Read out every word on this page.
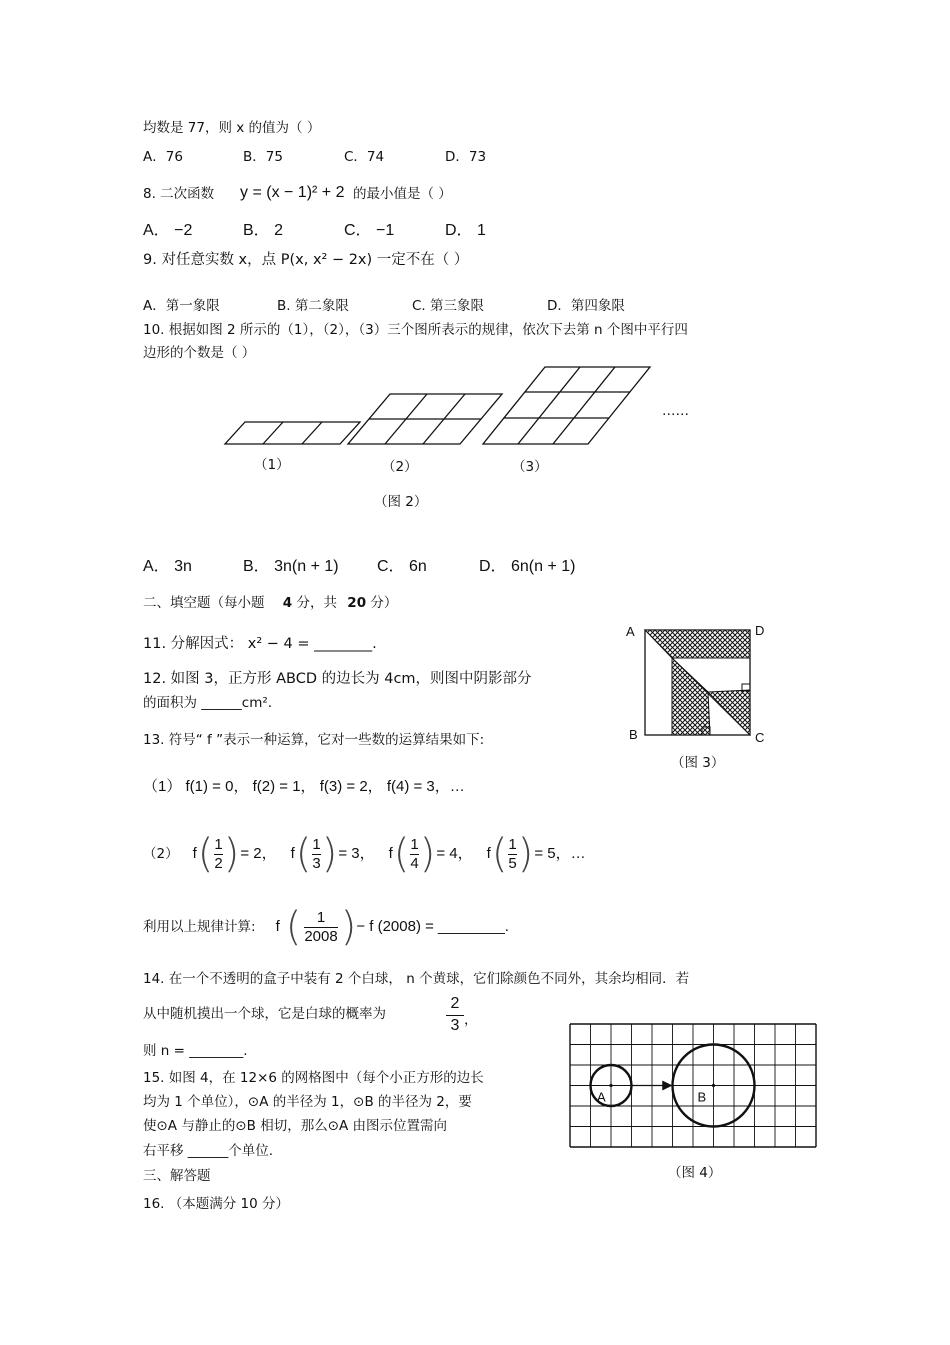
均数是 77，则 x 的值为（ ）
A．76	B．75	C．74	D．73
8. 二次函数 y = (x − 1)² + 2 的最小值是（ ）
A． −2	B． 2	C． −1	D． 1
9. 对任意实数 x，点 P(x, x² − 2x) 一定不在（ ）
A．第一象限	B. 第二象限	C. 第三象限	D．第四象限
10. 根据如图 2 所示的（1），（2），（3）三个图所表示的规律，依次下去第 n 个图中平行四
边形的个数是（ ）
……
（1）	（2）	（3）
（图 2）
A． 3n	B． 3n(n + 1) C． 6n	D． 6n(n + 1)
二、填空题（每小题 4 分，共 20 分）
11. 分解因式： x² − 4 = ________.
A	D
B	C
（图 3）
12. 如图 3，正方形 ABCD 的边长为 4cm，则图中阴影部分
的面积为 ______cm².
13. 符号“ f ”表示一种运算，它对一些数的运算结果如下:
（1） f(1) = 0， f(2) = 1， f(3) = 2， f(4) = 3，…
（2） f ( $\frac{1}{2}$ ) = 2， f ( $\frac{1}{3}$ ) = 3， f ( $\frac{1}{4}$ ) = 4， f ( $\frac{1}{5}$ ) = 5，…
利用以上规律计算: f ( $\frac{1}{2008}$ ) − f (2008) = ________.
14. 在一个不透明的盒子中装有 2 个白球， n 个黄球，它们除颜色不同外，其余均相同．若
从中随机摸出一个球，它是白球的概率为
2
3 ，
则 n = ________.
15. 如图 4，在 12×6 的网格图中（每个小正方形的边长
均为 1 个单位），⊙A 的半径为 1，⊙B 的半径为 2，要
使⊙A 与静止的⊙B 相切，那么⊙A 由图示位置需向
右平移 ______个单位.
A	B
（图 4）
三、解答题
16. （本题满分 10 分）
